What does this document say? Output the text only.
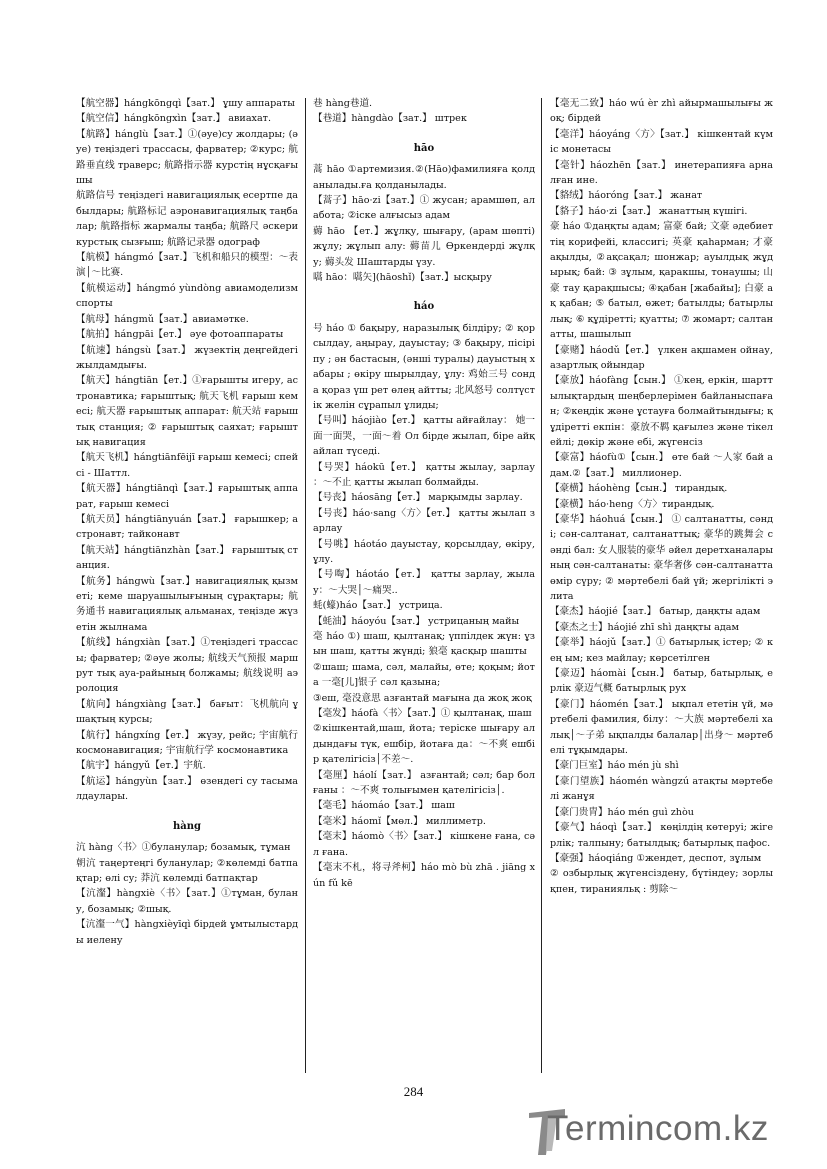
【航空器】hángkōngqì【зат.】 ұшу аппараты

【航空信】hángkōngxìn【зат.】 авиахат.

【航路】hánglù【зат.】①(әуе)су жолдары; (әуе) теңіздегі трассасы, фарватер; ②курс; 航路垂直线 траверс; 航路指示器 курстің нұсқағышы

航路信号 теңіздегі навигациялық есepтпе дабылдары; 航路标记 аэронавигациялық таңбалар; 航路指标 жармалы таңба; 航路尺 әскери курстық сызғыш; 航路记录器 одограф

【航模】hángmó【зат.】飞机和船只的模型：～表演│～比赛.

【航模运动】hángmó yùndòng авиамоделизм спорты

【航母】hángmǔ【зат.】авиамәтке.

【航拍】hángpāi【ет.】 әуе фотоаппараты

【航速】hángsù【зат.】 жүзектің деңгейдегі жылдамдығы.

【航天】hángtiān【ет.】①ғарышты игеру, астронавтика; ғарыштық; 航天飞机 ғарыш кемесі; 航天器 ғарыштық аппарат: 航天站 ғарыштық станция; ② ғарыштық саяхат; ғарыштық навигация

【航天飞机】hángtiānfēijī ғарыш кемесі; спейсі - Шаттл.

【航天器】hángtiānqì【зат.】ғарыштық аппарат, ғарыш кемесі

【航天员】hángtiānyuán【зат.】 ғарышкер; астронавт; тайконавт

【航天站】hángtiānzhàn【зат.】 ғарыштық станция.

【航务】hángwù【зат.】навигациялық қызметі; кеме шаруашылығының сұрақтары; 航务通书 навигациялық альманах, теңізде жүзетін жылнама

【航线】hángxiàn【зат.】①теңіздегі трассасы; фарватер; ②әуе жолы; 航线天气预报 маршрут тық ауа-райының болжамы; 航线说明 аэролоция

【航向】hángxiàng【зат.】 бағыт：飞机航向 ұшақтың курсы;

【航行】hángxíng【ет.】 жүзу, рейс; 宇宙航行 космонавигация; 宇宙航行学 космонавтика

【航宇】hángyǔ【ет.】宇航.

【航运】hángyùn【зат.】 өзендегі су тасымалдаулары.

hàng

沆 hàng〈书〉①буланулар; бозамық, тұман

朝沆 таңертеңгі буланулар; ②көлемді батпақтар; өлі су; 莽沆 көлемді батпақтар

【沆瀣】hàngxiè〈书〉【зат.】①тұман, булану, бозамық; ②шық.

【沆瀣一气】hàngxièyīqì бірдей ұмтылыстарды иелену

巷 hàng巷道.

【巷道】hàngdào【зат.】 штрек

hāo

蒿 hāo ①артемизия.②(Hāo)фамилияға қолданылады.ға қолданылады.

【蒿子】hāo·zi【зат.】① жусан; арамшөп, алабота; ②іске алғысыз адам

薅 hāo 【ет.】жұлқу, шығару, (арам шөпті) жұлу; жұлып алу: 薅苗儿 Өркендерді жұлқу; 薅头发 Шаштарды үзу.

嚆 hāo：嚆矢](hāoshǐ)【зат.】ысқыру

háo

号 háo ① бақыру, наразылық білдіру; ② қорсылдау, аңырау, дауыстау; ③ бақыру, пісіріпу ; ән бастасын, (әнші туралы) дауыстың хабары ; өкіру шырылдау, ұлу: 鸡始三号 сонда қораз үш рет өлең айтты; 北风怒号 солтүстік желін сұрапыл ұлиды;

【号叫】háojiào【ет.】 қатты айғайлау： 她一面一面哭，一面～着 Ол бірде жылап, біре айқайлап түседі.

【号哭】háokū【ет.】 қатты жылау, зарлау ：～不止 қатты жылап болмайды.

【号丧】háosāng【ет.】 марқымды зарлау.

【号丧】háo·sang〈方〉【ет.】 қатты жылап зарлау

【号咷】háotáo дауыстау, қорсылдау, өкіру, ұлу.

【号啕】háotáo【ет.】 қатты зарлау, жылау：～大哭│～痛哭..

蚝(蠔)háo【зат.】 устрица.

【蚝油】háoyóu【зат.】 устрицаның майы

毫 háo ①) шаш, қылтанақ; үппілдек жүн: ұзын шаш, қатты жүнді; 狼毫 қасқыр шашты

②шаш; шама, сәл, малайы, өте; қоқым; йота 一毫[儿]银子 сәл қазына;

③еш, 毫没意思 азғантай мағына да жоқ жоқ

【毫发】háofà〈书〉【зат.】① қылтанақ, шаш

②кішкентай,шаш, йота; теріске шығару алдындағы түк, ешбір, йотаға да：～不爽 ешбір қателігісіз│不差～.

【毫厘】háolí【зат.】 азғантай; сәл; бар болғаны ：～不爽 толығымен қателігісіз│.

【毫毛】háomáo【зат.】 шаш

【毫米】háomǐ【мөл.】 миллиметр.

【毫末】háomò〈书〉【зат.】 кішкене ғана, сәл ғана.

【毫末不札，将寻斧柯】háo mò bù zhā . jiāng xún fǔ kē

【毫无二致】háo wú èr zhì айырмашылығы жоқ; бірдей

【毫洋】háoyáng〈方〉【зат.】 кішкентай күміс монетасы

【毫针】háozhēn【зат.】 инетерапияға арналған ине.

【貉绒】háoróng【зат.】 жанат

【貉子】háo·zi【зат.】 жанаттың күшігі.

豪 háo ①даңқты адам; 富豪 бай; 文豪 әдебиеттің корифейі, классигі; 英豪 қаһарман; 才豪 ақылды, ②ақсақал; шонжар; ауылдық жұдырық; бай: ③ зұлым, қаракшы, тонаушы; 山豪 тау қарақшысы; ④қабан [жабайы]; 白豪 ақ қабан; ⑤ батыл, өжет; батылды; батырлылық; ⑥ құдіретті; қуатты; ⑦ жомарт; салтанатты, шашылып

【豪赌】háodǔ【ет.】 үлкен ақшамен ойнау, азартлық ойындар

【豪放】háofàng【сын.】 ①кең, еркін, шарттылықтардың шеңберлерімен байланыспаған; ②кеңдік және ұстауға болмайтындығы; құдіретті екпін：豪放不羁 қағылез және тікелейлі; дөкір және ебі, жүгенсіз

【豪富】háofù①【сын.】 өте бай ～人家 бай адам.②【зат.】 миллионер.

【豪横】háohèng【сын.】 тирандық.

【豪横】háo·heng〈方〉тирандық.

【豪华】háohuá【сын.】 ① салтанатты, сәнді; сән-салтанат, салтанаттық; 豪华的跳舞会 сәнді бал: 女人服装的豪华 әйел деретханаларының сән-салтанаты: 豪华奢侈 сән-салтанатта өмір сүру; ② мәртебелі бай үй; жергілікті элита

【豪杰】háojié【зат.】 батыр, даңқты адам

【豪杰之士】háojié zhī shì даңқты адам

【豪举】háojǔ【зат.】① батырлық істер; ② кең ым; кез майлау; көрсетілген

【豪迈】háomài【сын.】 батыр, батырлық, ерлік 豪迈气概 батырлық рух

【豪门】háomén【зат.】 ықпал ететін үй, мәртебелі фамилия, білу：～大族 мәртебелі халық│～子弟 ықпалды балалар│出身～ мәртебелі тұқымдары.

【豪门巨室】háo mén jù shì

【豪门望族】háomén wàngzú атақты мәртебелі жанұя

【豪门贵胄】háo mén guì zhòu

【豪气】háoqì【зат.】 көңілдің көтеруі; жігерлік; талпыну; батылдық; батырлық пафос.

【豪强】háoqiáng ①жендет, деспот, зұлым

② озбырлық жүгенсіздену, бүтіндеу; зорлықпен, тиранияльқ : 剪除～

284
Termincom.kz
